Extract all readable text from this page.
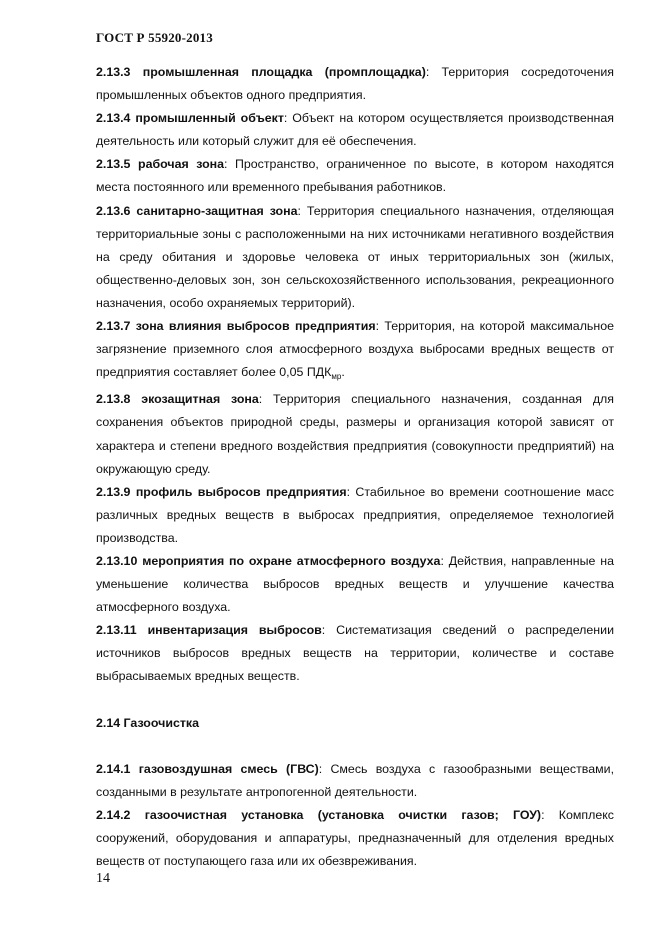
ГОСТ Р 55920-2013
2.13.3 промышленная площадка (промплощадка): Территория сосредоточения промышленных объектов одного предприятия.
2.13.4 промышленный объект: Объект на котором осуществляется производственная деятельность или который служит для её обеспечения.
2.13.5 рабочая зона: Пространство, ограниченное по высоте, в котором находятся места постоянного или временного пребывания работников.
2.13.6 санитарно-защитная зона: Территория специального назначения, отделяющая территориальные зоны с расположенными на них источниками негативного воздействия на среду обитания и здоровье человека от иных территориальных зон (жилых, общественно-деловых зон, зон сельскохозяйственного использования, рекреационного назначения, особо охраняемых территорий).
2.13.7 зона влияния выбросов предприятия: Территория, на которой максимальное загрязнение приземного слоя атмосферного воздуха выбросами вредных веществ от предприятия составляет более 0,05 $ПДК_{мр}$.
2.13.8 экозащитная зона: Территория специального назначения, созданная для сохранения объектов природной среды, размеры и организация которой зависят от характера и степени вредного воздействия предприятия (совокупности предприятий) на окружающую среду.
2.13.9 профиль выбросов предприятия: Стабильное во времени соотношение масс различных вредных веществ в выбросах предприятия, определяемое технологией производства.
2.13.10 мероприятия по охране атмосферного воздуха: Действия, направленные на уменьшение количества выбросов вредных веществ и улучшение качества атмосферного воздуха.
2.13.11 инвентаризация выбросов: Систематизация сведений о распределении источников выбросов вредных веществ на территории, количестве и составе выбрасываемых вредных веществ.
2.14 Газоочистка
2.14.1 газовоздушная смесь (ГВС): Смесь воздуха с газообразными веществами, созданными в результате антропогенной деятельности.
2.14.2 газоочистная установка (установка очистки газов; ГОУ): Комплекс сооружений, оборудования и аппаратуры, предназначенный для отделения вредных веществ от поступающего газа или их обезвреживания.
14
